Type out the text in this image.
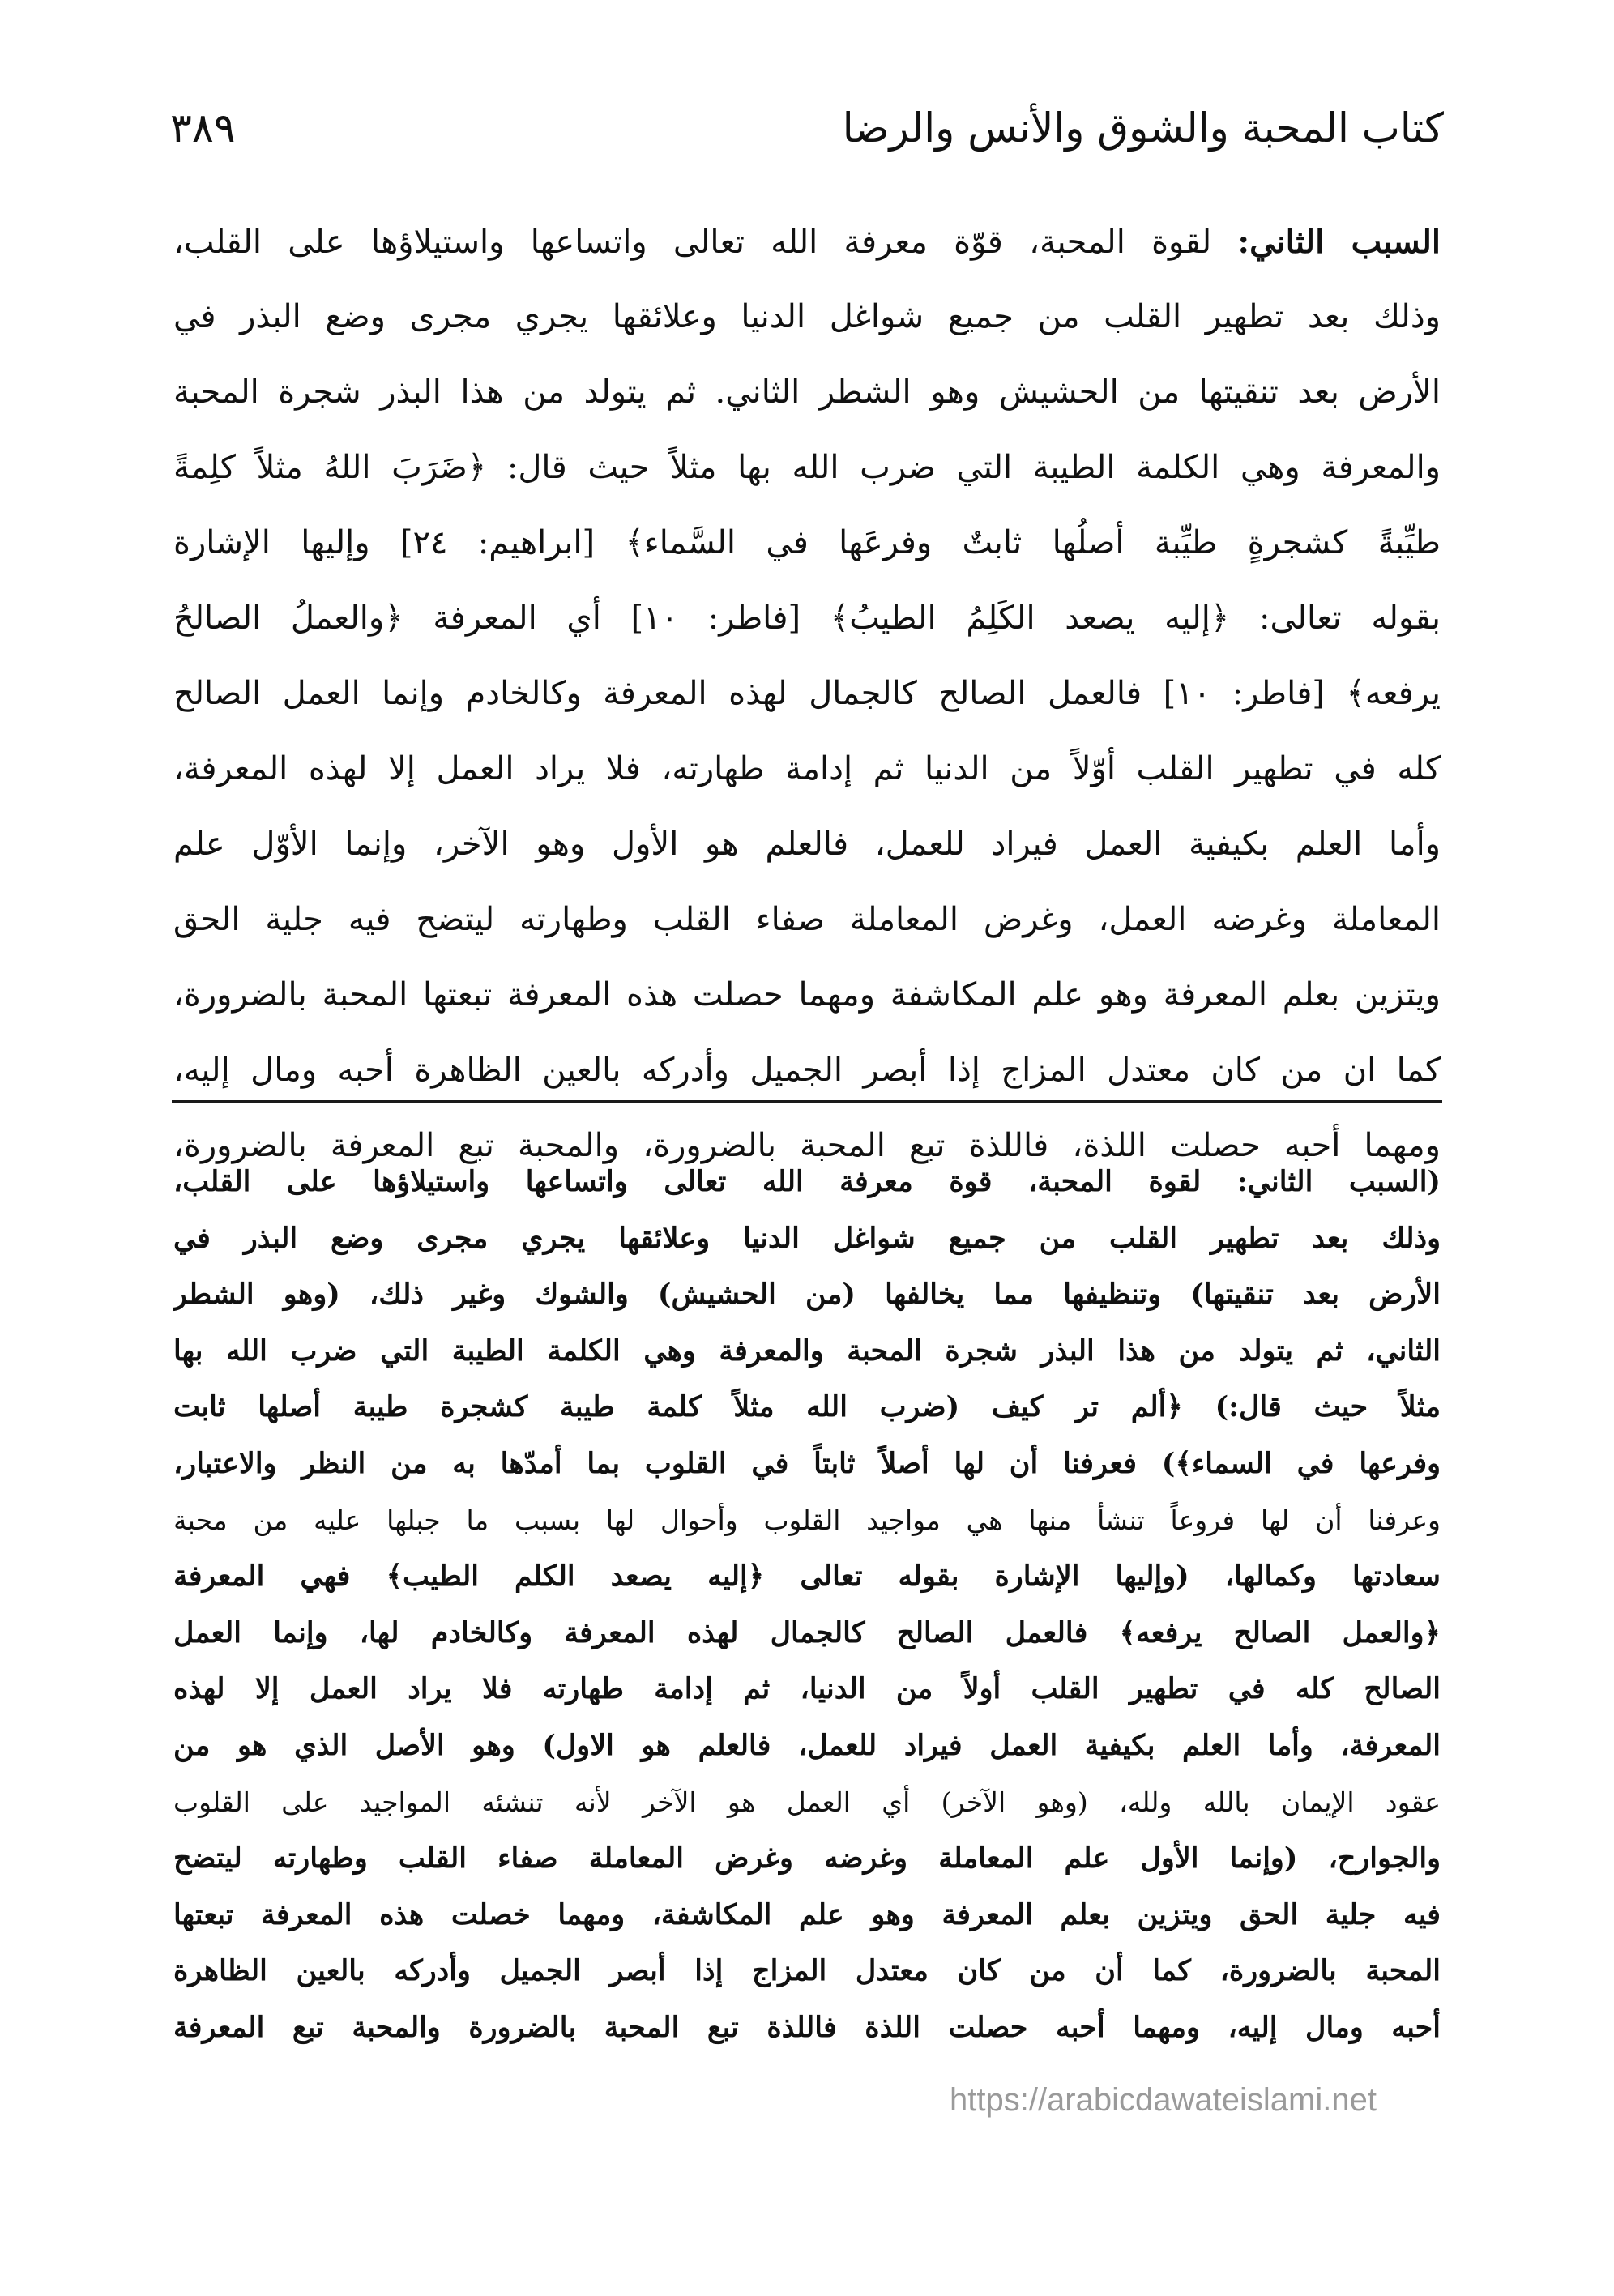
كتاب المحبة والشوق والأنس والرضا
٣٨٩
السبب الثاني: لقوة المحبة، قوّة معرفة الله تعالى واتساعها واستيلاؤها على القلب،
وذلك بعد تطهير القلب من جميع شواغل الدنيا وعلائقها يجري مجرى وضع البذر في
الأرض بعد تنقيتها من الحشيش وهو الشطر الثاني. ثم يتولد من هذا البذر شجرة المحبة
والمعرفة وهي الكلمة الطيبة التي ضرب الله بها مثلاً حيث قال: ﴿ضَرَبَ اللهُ مثلاً كلِمةً
طيِّبةً كشجرةٍ طيِّبة أصلُها ثابتٌ وفرعَها في السَّماء﴾ [ابراهيم: ٢٤] وإليها الإشارة
بقوله تعالى: ﴿إليه يصعد الكَلِمُ الطيبُ﴾ [فاطر: ١٠] أي المعرفة ﴿والعملُ الصالحُ
يرفعه﴾ [فاطر: ١٠] فالعمل الصالح كالجمال لهذه المعرفة وكالخادم وإنما العمل الصالح
كله في تطهير القلب أوّلاً من الدنيا ثم إدامة طهارته، فلا يراد العمل إلا لهذه المعرفة،
وأما العلم بكيفية العمل فيراد للعمل، فالعلم هو الأول وهو الآخر، وإنما الأوّل علم
المعاملة وغرضه العمل، وغرض المعاملة صفاء القلب وطهارته ليتضح فيه جلية الحق
ويتزين بعلم المعرفة وهو علم المكاشفة ومهما حصلت هذه المعرفة تبعتها المحبة بالضرورة،
كما ان من كان معتدل المزاج إذا أبصر الجميل وأدركه بالعين الظاهرة أحبه ومال إليه،
ومهما أحبه حصلت اللذة، فاللذة تبع المحبة بالضرورة، والمحبة تبع المعرفة بالضرورة،
(السبب الثاني: لقوة المحبة، قوة معرفة الله تعالى واتساعها واستيلاؤها على القلب،
وذلك بعد تطهير القلب من جميع شواغل الدنيا وعلائقها يجري مجرى وضع البذر في
الأرض بعد تنقيتها) وتنظيفها مما يخالفها (من الحشيش) والشوك وغير ذلك، (وهو الشطر
الثاني، ثم يتولد من هذا البذر شجرة المحبة والمعرفة وهي الكلمة الطيبة التي ضرب الله بها
مثلاً حيث قال:) ﴿ألم تر كيف (ضرب الله مثلاً كلمة طيبة كشجرة طيبة أصلها ثابت
وفرعها في السماء﴾) فعرفنا أن لها أصلاً ثابتاً في القلوب بما أمدّها به من النظر والاعتبار،
وعرفنا أن لها فروعاً تنشأ منها هي مواجيد القلوب وأحوال لها بسبب ما جبلها عليه من محبة
سعادتها وكمالها، (وإليها الإشارة بقوله تعالى ﴿إليه يصعد الكلم الطيب﴾ فهي المعرفة
﴿والعمل الصالح يرفعه﴾ فالعمل الصالح كالجمال لهذه المعرفة وكالخادم لها، وإنما العمل
الصالح كله في تطهير القلب أولاً من الدنيا، ثم إدامة طهارته فلا يراد العمل إلا لهذه
المعرفة، وأما العلم بكيفية العمل فيراد للعمل، فالعلم هو الاول) وهو الأصل الذي هو من
عقود الإيمان بالله ولله، (وهو الآخر) أي العمل هو الآخر لأنه تنشئه المواجيد على القلوب
والجوارح، (وإنما الأول علم المعاملة وغرضه وغرض المعاملة صفاء القلب وطهارته ليتضح
فيه جلية الحق ويتزين بعلم المعرفة وهو علم المكاشفة، ومهما خصلت هذه المعرفة تبعتها
المحبة بالضرورة، كما أن من كان معتدل المزاج إذا أبصر الجميل وأدركه بالعين الظاهرة
أحبه ومال إليه، ومهما أحبه حصلت اللذة فاللذة تبع المحبة بالضرورة والمحبة تبع المعرفة
https://arabicdawateislami.net
